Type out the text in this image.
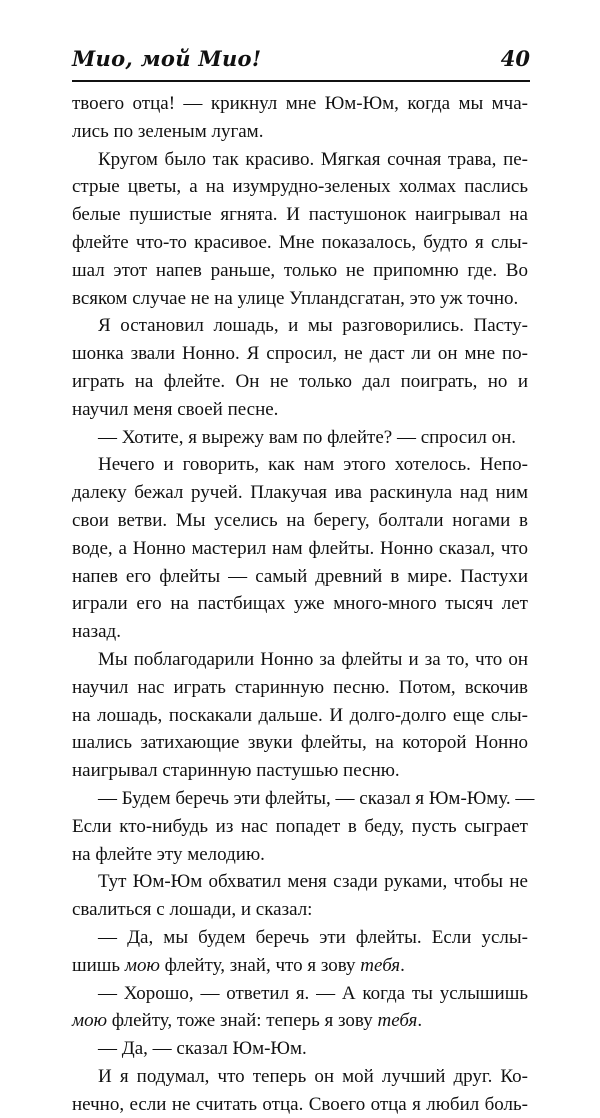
Мио, мой Мио!	40
твоего отца! — крикнул мне Юм-Юм, когда мы мча-
лись по зеленым лугам.
Кругом было так красиво. Мягкая сочная трава, пе-
стрые цветы, а на изумрудно-зеленых холмах паслись
белые пушистые ягнята. И пастушонок наигрывал на
флейте что-то красивое. Мне показалось, будто я слы-
шал этот напев раньше, только не припомню где. Во
всяком случае не на улице Упландсгатан, это уж точно.
Я остановил лошадь, и мы разговорились. Пасту-
шонка звали Нонно. Я спросил, не даст ли он мне по-
играть на флейте. Он не только дал поиграть, но и
научил меня своей песне.
— Хотите, я вырежу вам по флейте? — спросил он.
Нечего и говорить, как нам этого хотелось. Непо-
далеку бежал ручей. Плакучая ива раскинула над ним
свои ветви. Мы уселись на берегу, болтали ногами в
воде, а Нонно мастерил нам флейты. Нонно сказал, что
напев его флейты — самый древний в мире. Пастухи
играли его на пастбищах уже много-много тысяч лет
назад.
Мы поблагодарили Нонно за флейты и за то, что он
научил нас играть старинную песню. Потом, вскочив
на лошадь, поскакали дальше. И долго-долго еще слы-
шались затихающие звуки флейты, на которой Нонно
наигрывал старинную пастушью песню.
— Будем беречь эти флейты, — сказал я Юм-Юму. —
Если кто-нибудь из нас попадет в беду, пусть сыграет
на флейте эту мелодию.
Тут Юм-Юм обхватил меня сзади руками, чтобы не
свалиться с лошади, и сказал:
— Да, мы будем беречь эти флейты. Если услы-
шишь мою флейту, знай, что я зову тебя.
— Хорошо, — ответил я. — А когда ты услышишь
мою флейту, тоже знай: теперь я зову тебя.
— Да, — сказал Юм-Юм.
И я подумал, что теперь он мой лучший друг. Ко-
нечно, если не считать отца. Своего отца я любил боль-
